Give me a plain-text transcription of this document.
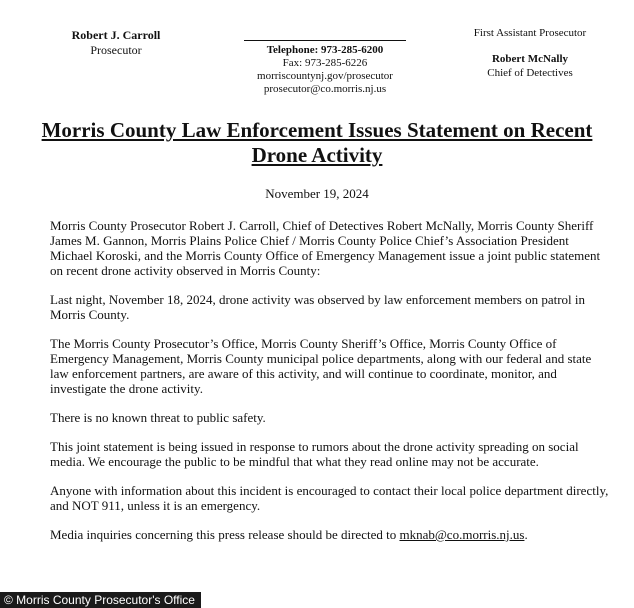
Robert J. Carroll
Prosecutor	Telephone: 973-285-6200
Fax: 973-285-6226
morriscountynj.gov/prosecutor
prosecutor@co.morris.nj.us
First Assistant Prosecutor
Robert McNally
Chief of Detectives
Morris County Law Enforcement Issues Statement on Recent Drone Activity
November 19, 2024

Morris County Prosecutor Robert J. Carroll, Chief of Detectives Robert McNally, Morris County Sheriff James M. Gannon, Morris Plains Police Chief / Morris County Police Chief’s Association President Michael Koroski, and the Morris County Office of Emergency Management issue a joint public statement on recent drone activity observed in Morris County:

Last night, November 18, 2024, drone activity was observed by law enforcement members on patrol in Morris County.

The Morris County Prosecutor’s Office, Morris County Sheriff’s Office, Morris County Office of Emergency Management, Morris County municipal police departments, along with our federal and state law enforcement partners, are aware of this activity, and will continue to coordinate, monitor, and investigate the drone activity.

There is no known threat to public safety.

This joint statement is being issued in response to rumors about the drone activity spreading on social media. We encourage the public to be mindful that what they read online may not be accurate.

Anyone with information about this incident is encouraged to contact their local police department directly, and NOT 911, unless it is an emergency.

Media inquiries concerning this press release should be directed to mknab@co.morris.nj.us.

© Morris County Prosecutor's Office
